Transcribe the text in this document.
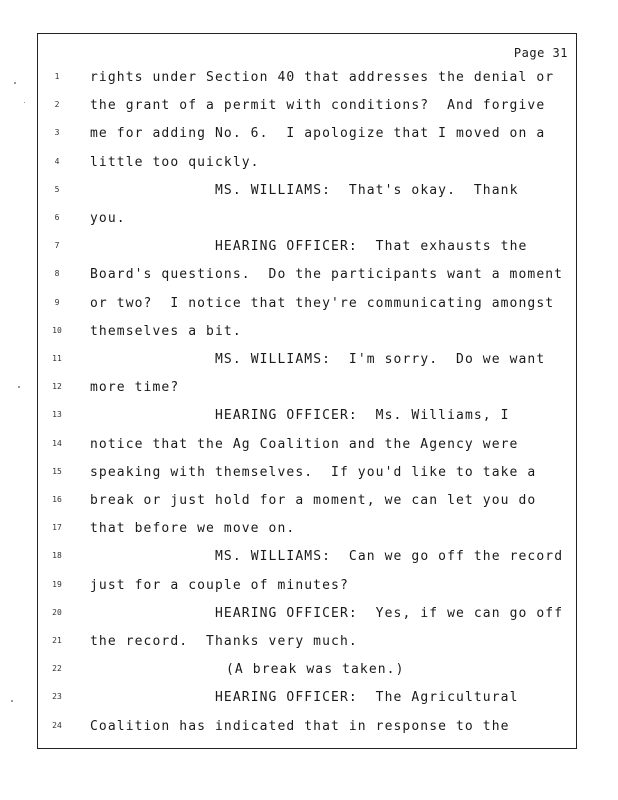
Page 31
1	rights under Section 40 that addresses the denial or
2	the grant of a permit with conditions?  And forgive
3	me for adding No. 6.  I apologize that I moved on a
4	little too quickly.
5	MS. WILLIAMS:  That's okay.  Thank
6	you.
7	HEARING OFFICER:  That exhausts the
8	Board's questions.  Do the participants want a moment
9	or two?  I notice that they're communicating amongst
10 themselves a bit.
11	MS. WILLIAMS:  I'm sorry.  Do we want
12 more time?
13	HEARING OFFICER:  Ms. Williams, I
14 notice that the Ag Coalition and the Agency were
15 speaking with themselves.  If you'd like to take a
16 break or just hold for a moment, we can let you do
17 that before we move on.
18	MS. WILLIAMS:  Can we go off the record
19 just for a couple of minutes?
20	HEARING OFFICER:  Yes, if we can go off
21 the record.  Thanks very much.
22	(A break was taken.)
23	HEARING OFFICER:  The Agricultural
24 Coalition has indicated that in response to the
